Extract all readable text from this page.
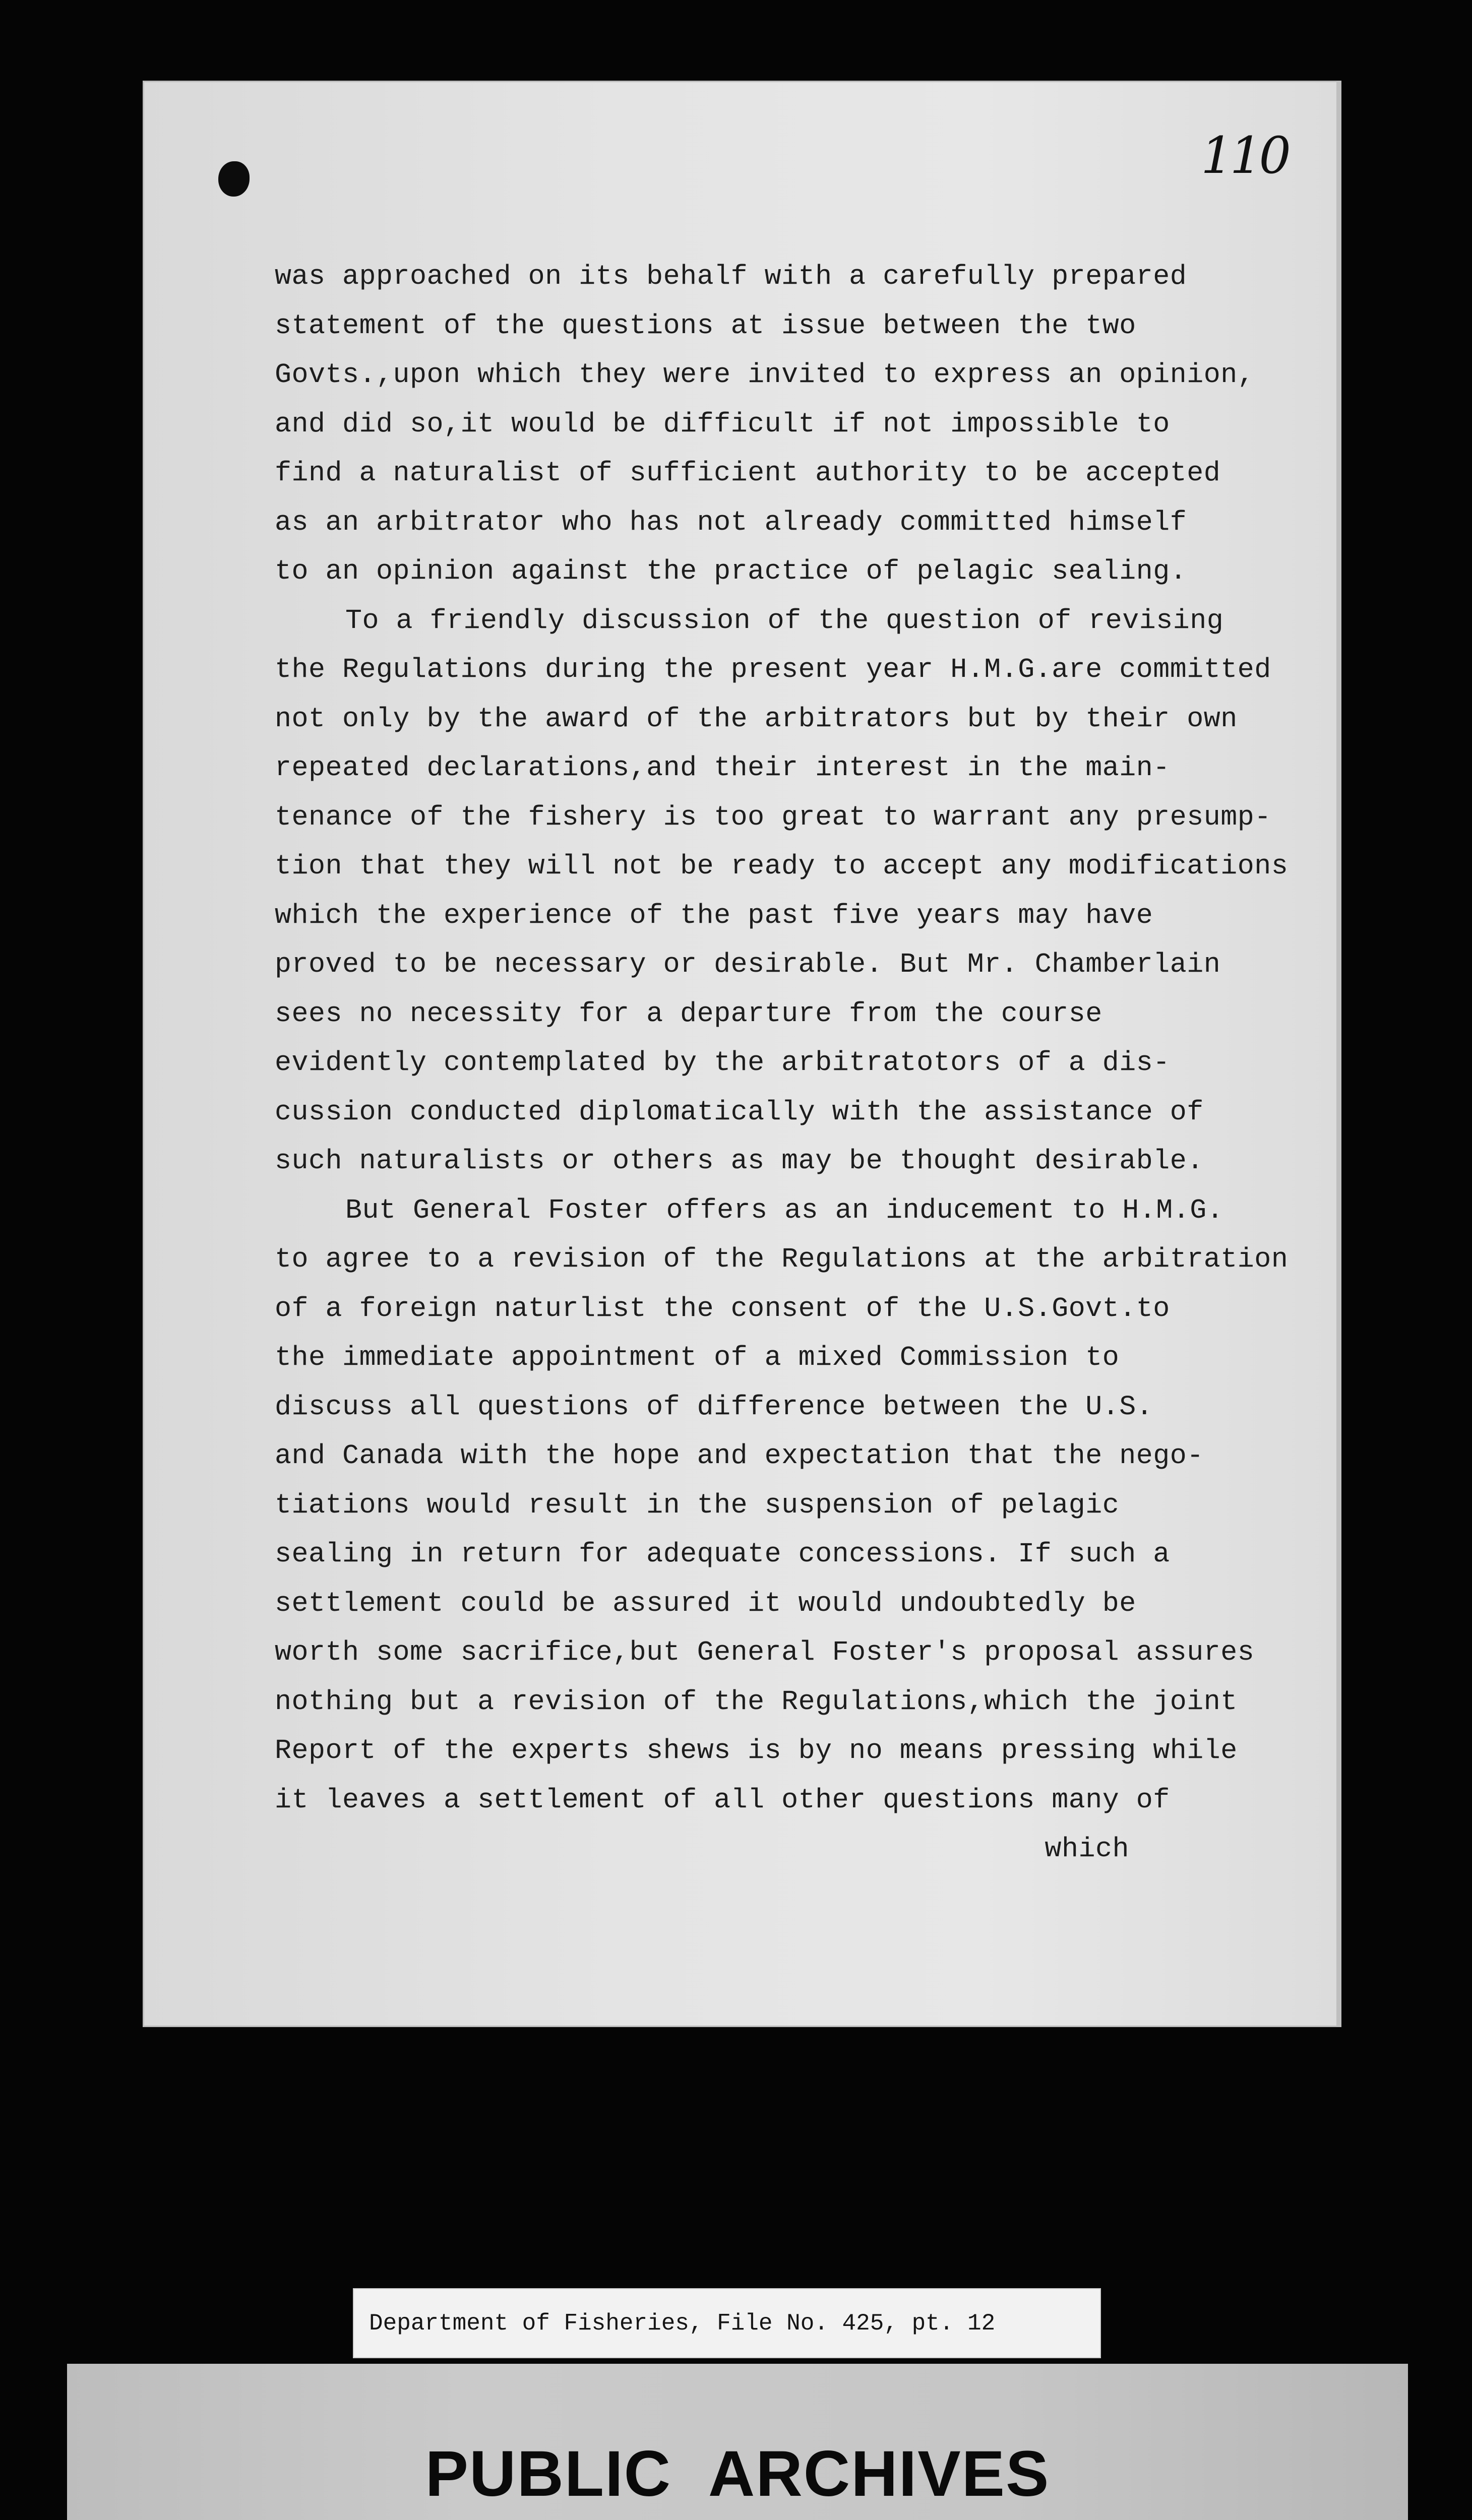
110
was approached on its behalf with a carefully prepared
statement of the questions at issue between the two
Govts.,upon which they were invited to express an opinion,
and did so,it would be difficult if not impossible to
find a naturalist of sufficient authority to be accepted
as an arbitrator who has not already committed himself
to an opinion against the practice of pelagic sealing.
To a friendly discussion of the question of revising
the Regulations during the present year H.M.G.are committed
not only by the award of the arbitrators but by their own
repeated declarations,and their interest in the main-
tenance of the fishery is too great to warrant any presump-
tion that they will not be ready to accept any modifications
which the experience of the past five years may have
proved to be necessary or desirable. But Mr. Chamberlain
sees no necessity for a departure from the course
evidently contemplated by the arbitratotors of a dis-
cussion conducted diplomatically with the assistance of
such naturalists or others as may be thought desirable.
But General Foster offers as an inducement to H.M.G.
to agree to a revision of the Regulations at the arbitration
of a foreign naturlist the consent of the U.S.Govt.to
the immediate appointment of a mixed Commission to
discuss all questions of difference between the U.S.
and Canada with the hope and expectation that the nego-
tiations would result in the suspension of pelagic
sealing in return for adequate concessions. If such a
settlement could be assured it would undoubtedly be
worth some sacrifice,but General Foster's proposal assures
nothing but a revision of the Regulations,which the joint
Report of the experts shews is by no means pressing while
it leaves a settlement of all other questions many of
which
Department of Fisheries, File No. 425, pt. 12
PUBLIC ARCHIVES
